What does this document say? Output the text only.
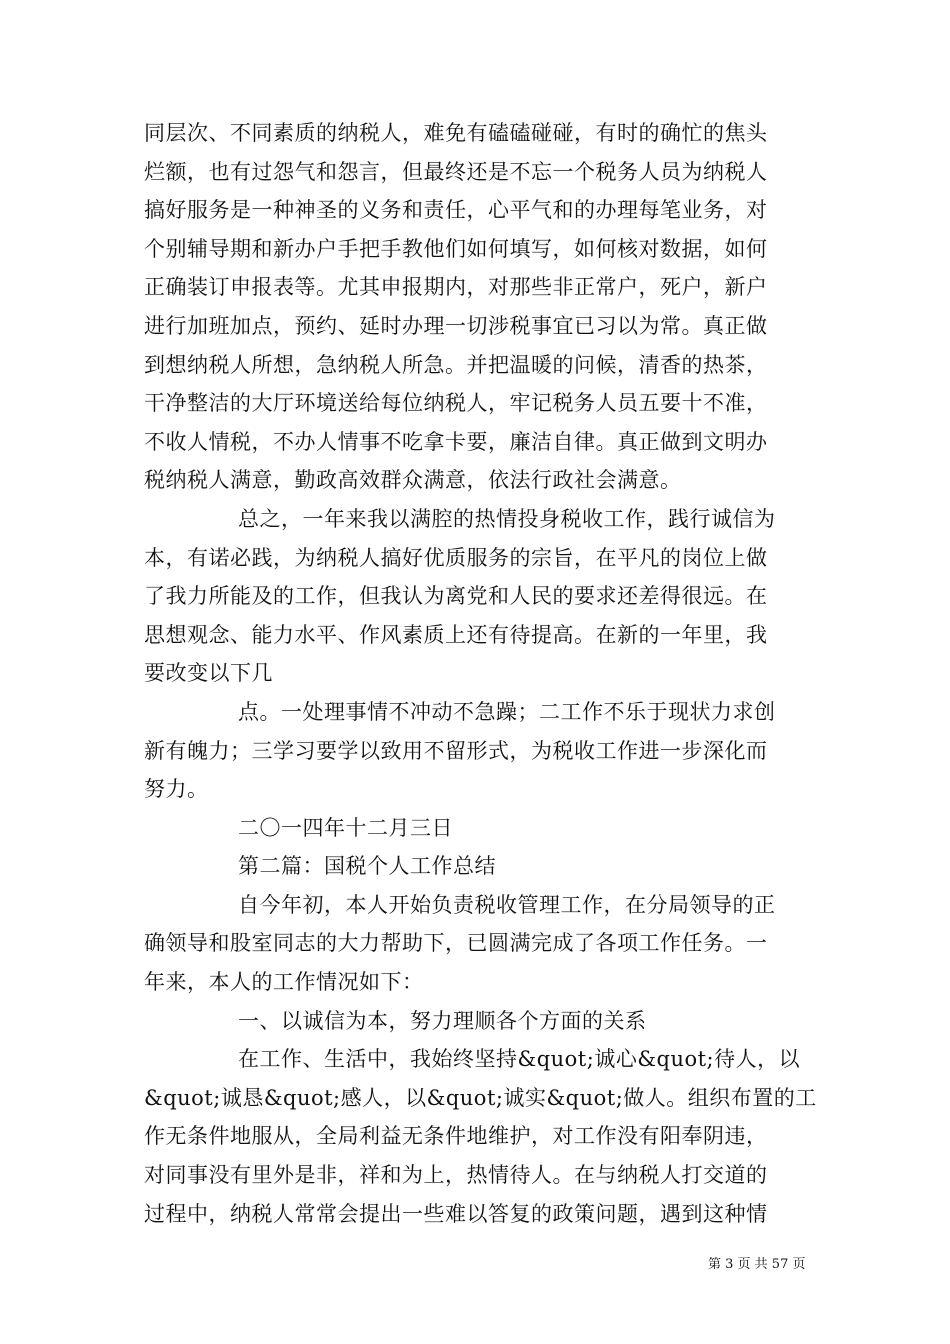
同层次、不同素质的纳税人，难免有磕磕碰碰，有时的确忙的焦头
烂额，也有过怨气和怨言，但最终还是不忘一个税务人员为纳税人
搞好服务是一种神圣的义务和责任，心平气和的办理每笔业务，对
个别辅导期和新办户手把手教他们如何填写，如何核对数据，如何
正确装订申报表等。尤其申报期内，对那些非正常户，死户，新户
进行加班加点，预约、延时办理一切涉税事宜已习以为常。真正做
到想纳税人所想，急纳税人所急。并把温暖的问候，清香的热茶，
干净整洁的大厅环境送给每位纳税人，牢记税务人员五要十不准，
不收人情税，不办人情事不吃拿卡要，廉洁自律。真正做到文明办
税纳税人满意，勤政高效群众满意，依法行政社会满意。
总之，一年来我以满腔的热情投身税收工作，践行诚信为
本，有诺必践，为纳税人搞好优质服务的宗旨，在平凡的岗位上做
了我力所能及的工作，但我认为离党和人民的要求还差得很远。在
思想观念、能力水平、作风素质上还有待提高。在新的一年里，我
要改变以下几
点。一处理事情不冲动不急躁；二工作不乐于现状力求创
新有魄力；三学习要学以致用不留形式，为税收工作进一步深化而
努力。
二〇一四年十二月三日
第二篇：国税个人工作总结
自今年初，本人开始负责税收管理工作，在分局领导的正
确领导和股室同志的大力帮助下，已圆满完成了各项工作任务。一
年来，本人的工作情况如下：
一、以诚信为本，努力理顺各个方面的关系
在工作、生活中，我始终坚持&quot;诚心&quot;待人，以
&quot;诚恳&quot;感人，以&quot;诚实&quot;做人。组织布置的工
作无条件地服从，全局利益无条件地维护，对工作没有阳奉阴违，
对同事没有里外是非，祥和为上，热情待人。在与纳税人打交道的
过程中，纳税人常常会提出一些难以答复的政策问题，遇到这种情
第 3 页 共 57 页
